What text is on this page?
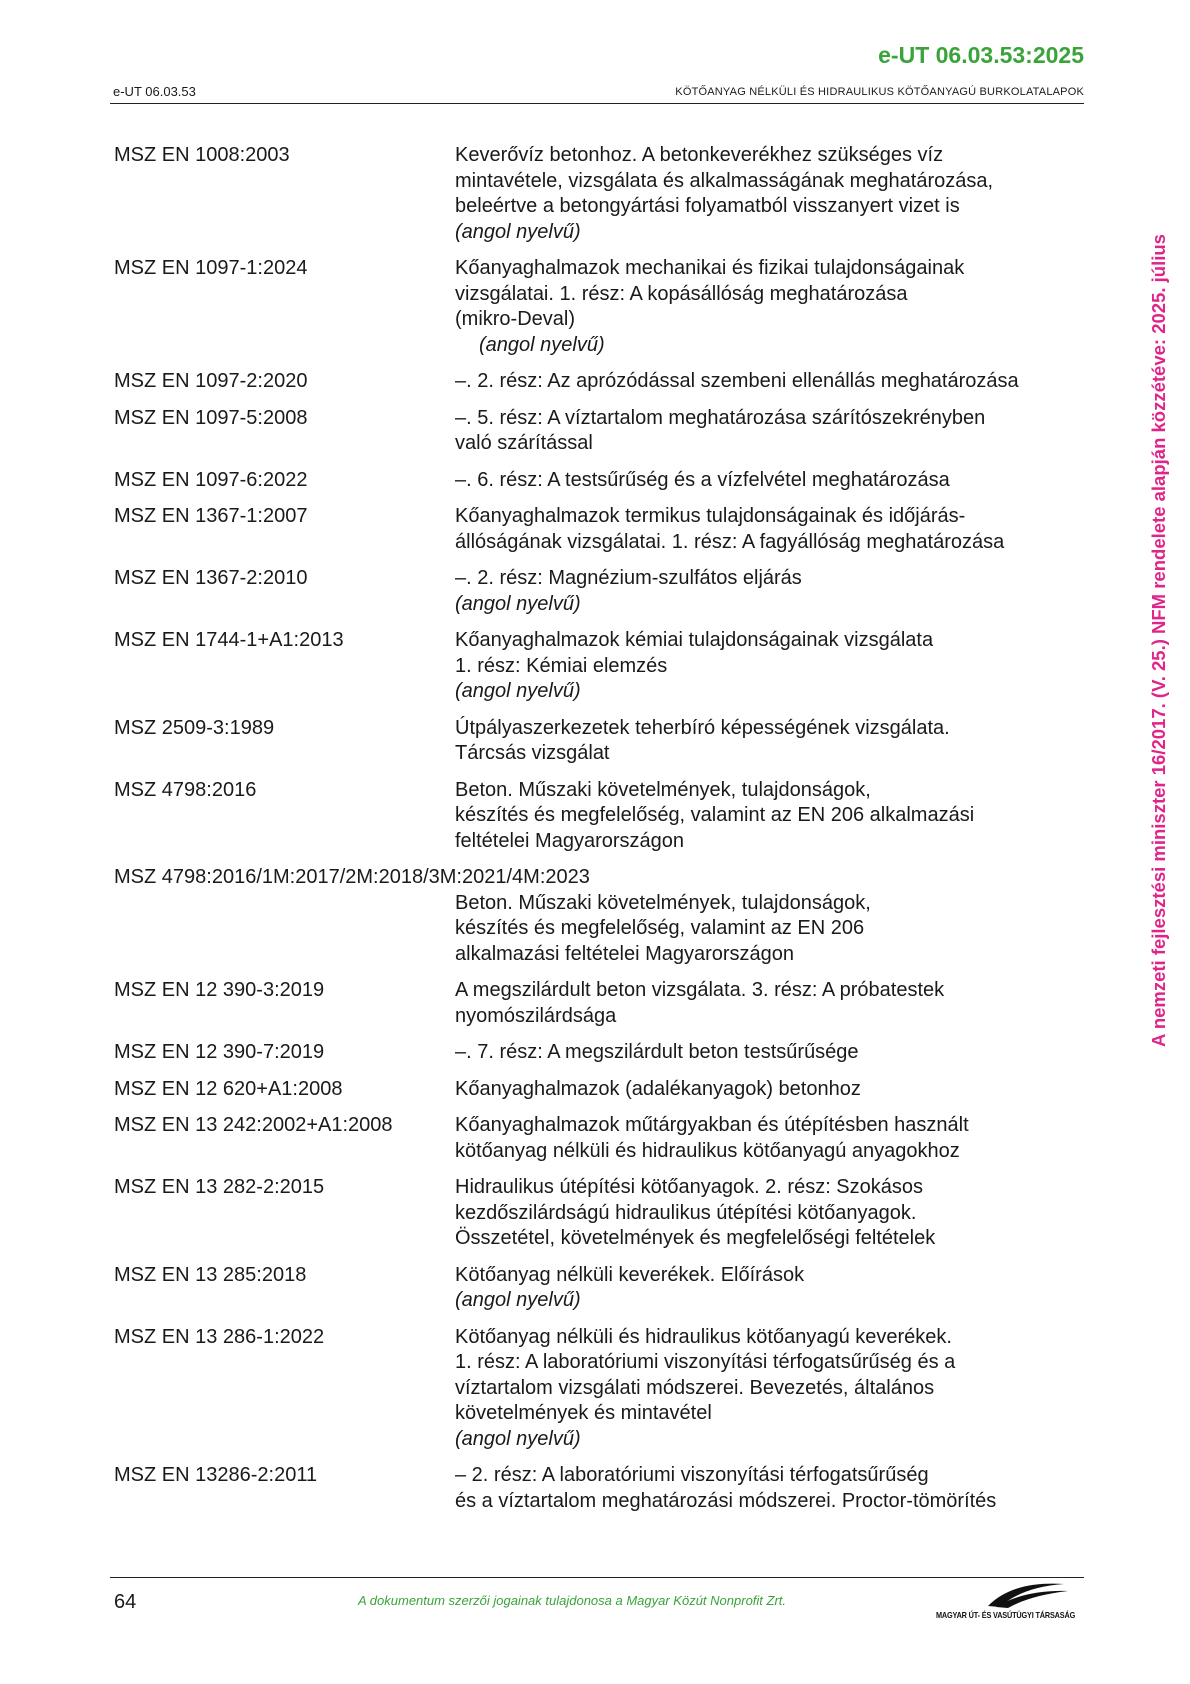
e-UT 06.03.53:2025
e-UT 06.03.53	KÖTŐANYAG NÉLKÜLI ÉS HIDRAULIKUS KÖTŐANYAGÚ BURKOLATALAPOK
A nemzeti fejlesztési miniszter 16/2017. (V. 25.) NFM rendelete alapján közzétéve: 2025. július
MSZ EN 1008:2003	Keverővíz betonhoz. A betonkeverékhez szükséges víz
mintavétele, vizsgálata és alkalmasságának meghatározása,
beleértve a betongyártási folyamatból visszanyert vizet is
(angol nyelvű)
MSZ EN 1097-1:2024	Kőanyaghalmazok mechanikai és fizikai tulajdonságainak
vizsgálatai. 1. rész: A kopásállóság meghatározása
(mikro-Deval)
(angol nyelvű)
MSZ EN 1097-2:2020	–. 2. rész: Az aprózódással szembeni ellenállás meghatározása
MSZ EN 1097-5:2008	–. 5. rész: A víztartalom meghatározása szárítószekrényben
való szárítással
MSZ EN 1097-6:2022	–. 6. rész: A testsűrűség és a vízfelvétel meghatározása
MSZ EN 1367-1:2007	Kőanyaghalmazok termikus tulajdonságainak és időjárás-
állóságának vizsgálatai. 1. rész: A fagyállóság meghatározása
MSZ EN 1367-2:2010	–. 2. rész: Magnézium-szulfátos eljárás
(angol nyelvű)
MSZ EN 1744-1+A1:2013	Kőanyaghalmazok kémiai tulajdonságainak vizsgálata
1. rész: Kémiai elemzés
(angol nyelvű)
MSZ 2509-3:1989	Útpályaszerkezetek teherbíró képességének vizsgálata.
Tárcsás vizsgálat
MSZ 4798:2016	Beton. Műszaki követelmények, tulajdonságok,
készítés és megfelelőség, valamint az EN 206 alkalmazási
feltételei Magyarországon
MSZ 4798:2016/1M:2017/2M:2018/3M:2021/4M:2023
Beton. Műszaki követelmények, tulajdonságok,
készítés és megfelelőség, valamint az EN 206
alkalmazási feltételei Magyarországon
MSZ EN 12 390-3:2019	A megszilárdult beton vizsgálata. 3. rész: A próbatestek
nyomószilárdsága
MSZ EN 12 390-7:2019	–. 7. rész: A megszilárdult beton testsűrűsége
MSZ EN 12 620+A1:2008	Kőanyaghalmazok (adalékanyagok) betonhoz
MSZ EN 13 242:2002+A1:2008	Kőanyaghalmazok műtárgyakban és útépítésben használt
kötőanyag nélküli és hidraulikus kötőanyagú anyagokhoz
MSZ EN 13 282-2:2015	Hidraulikus útépítési kötőanyagok. 2. rész: Szokásos
kezdőszilárdságú hidraulikus útépítési kötőanyagok.
Összetétel, követelmények és megfelelőségi feltételek
MSZ EN 13 285:2018	Kötőanyag nélküli keverékek. Előírások
(angol nyelvű)
MSZ EN 13 286-1:2022	Kötőanyag nélküli és hidraulikus kötőanyagú keverékek.
1. rész: A laboratóriumi viszonyítási térfogatsűrűség és a
víztartalom vizsgálati módszerei. Bevezetés, általános
követelmények és mintavétel
(angol nyelvű)
MSZ EN 13286-2:2011	– 2. rész: A laboratóriumi viszonyítási térfogatsűrűség
és a víztartalom meghatározási módszerei. Proctor-tömörítés
64	A dokumentum szerzői jogainak tulajdonosa a Magyar Közút Nonprofit Zrt.
MAGYAR ÚT- ÉS VASÚTÜGYI TÁRSASÁG
